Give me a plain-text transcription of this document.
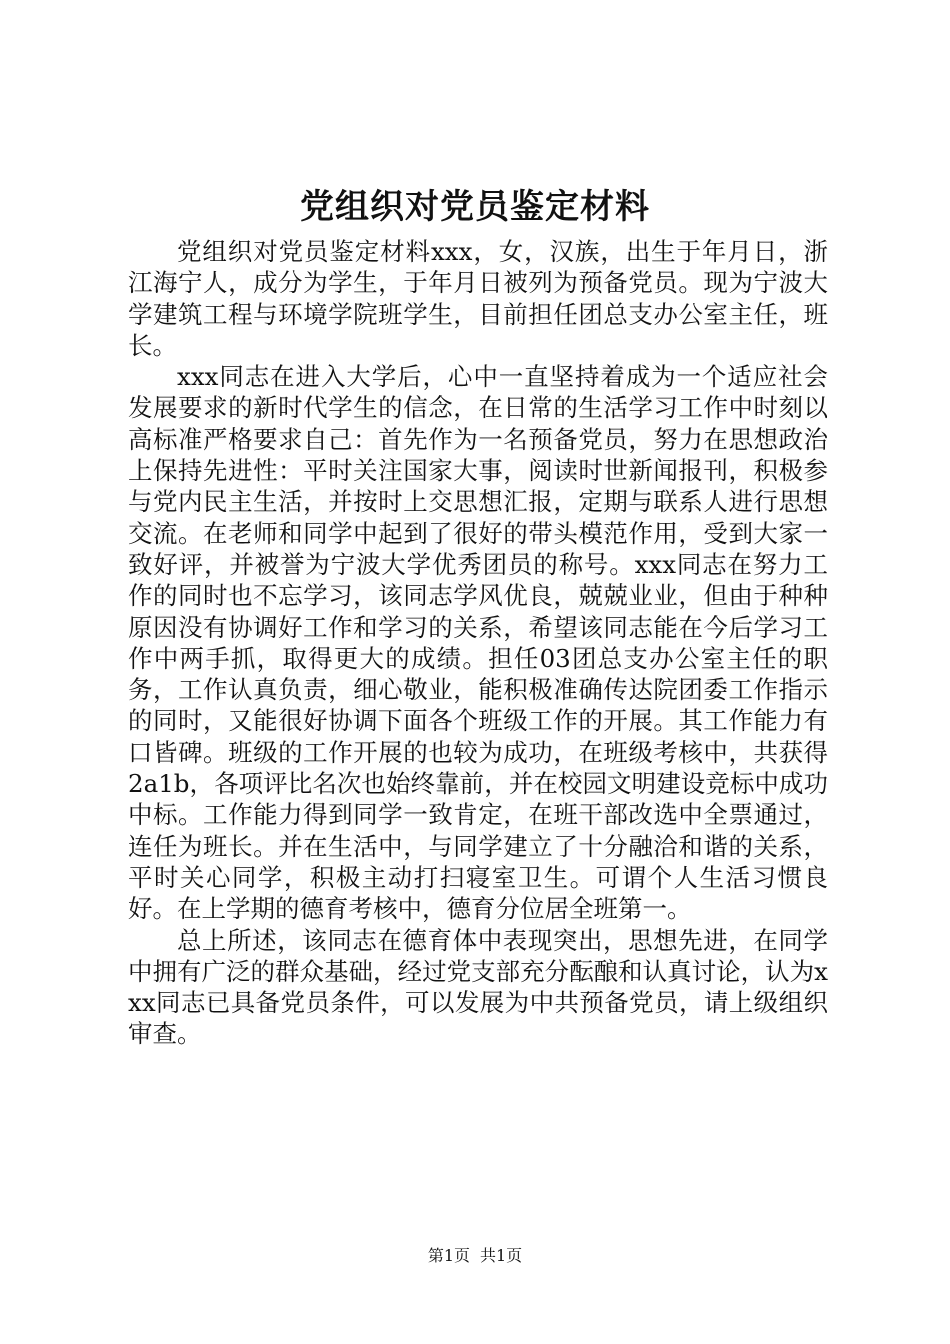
党组织对党员鉴定材料

党组织对党员鉴定材料xxx，女，汉族，出生于年月日，浙江海宁人，成分为学生，于年月日被列为预备党员。现为宁波大学建筑工程与环境学院班学生，目前担任团总支办公室主任，班长。

xxx同志在进入大学后，心中一直坚持着成为一个适应社会发展要求的新时代学生的信念，在日常的生活学习工作中时刻以高标准严格要求自己：首先作为一名预备党员，努力在思想政治上保持先进性：平时关注国家大事，阅读时世新闻报刊，积极参与党内民主生活，并按时上交思想汇报，定期与联系人进行思想交流。在老师和同学中起到了很好的带头模范作用，受到大家一致好评，并被誉为宁波大学优秀团员的称号。xxx同志在努力工作的同时也不忘学习，该同志学风优良，兢兢业业，但由于种种原因没有协调好工作和学习的关系，希望该同志能在今后学习工作中两手抓，取得更大的成绩。担任03团总支办公室主任的职务，工作认真负责，细心敬业，能积极准确传达院团委工作指示的同时，又能很好协调下面各个班级工作的开展。其工作能力有口皆碑。班级的工作开展的也较为成功，在班级考核中，共获得2a1b，各项评比名次也始终靠前，并在校园文明建设竞标中成功中标。工作能力得到同学一致肯定，在班干部改选中全票通过，连任为班长。并在生活中，与同学建立了十分融洽和谐的关系，平时关心同学，积极主动打扫寝室卫生。可谓个人生活习惯良好。在上学期的德育考核中，德育分位居全班第一。

总上所述，该同志在德育体中表现突出，思想先进，在同学中拥有广泛的群众基础，经过党支部充分酝酿和认真讨论，认为xxx同志已具备党员条件，可以发展为中共预备党员，请上级组织审查。

第1页 共1页
